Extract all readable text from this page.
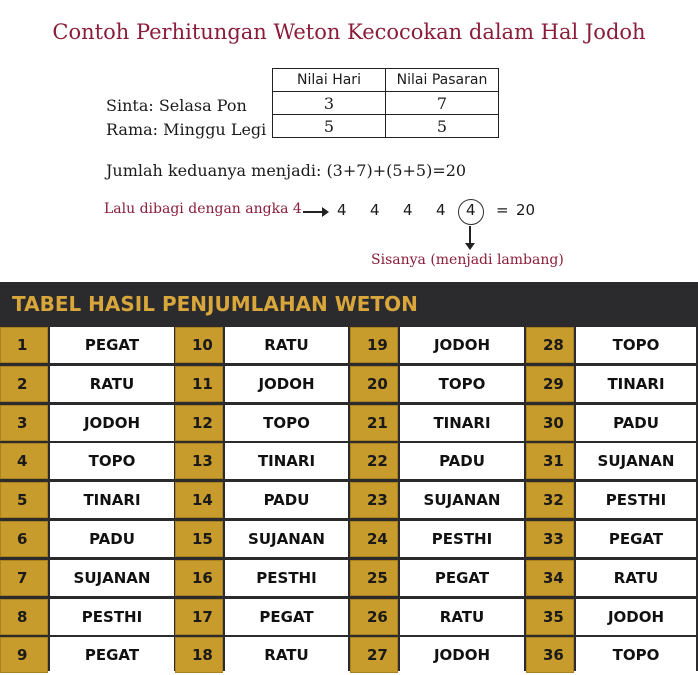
Contoh Perhitungan Weton Kecocokan dalam Hal Jodoh
Sinta: Selasa Pon
Rama: Minggu Legi
Nilai Hari	Nilai Pasaran
3	7
5	5
Jumlah keduanya menjadi: (3+7)+(5+5)=20
Lalu dibagi dengan angka 4 4 4 4 4 4 = 20
Sisanya (menjadi lambang)
TABEL HASIL PENJUMLAHAN WETON
1	PEGAT	10	RATU	19	JODOH	28	TOPO
2	RATU	11	JODOH	20	TOPO	29	TINARI
3	JODOH	12	TOPO	21	TINARI	30	PADU
4	TOPO	13	TINARI	22	PADU	31	SUJANAN
5	TINARI	14	PADU	23	SUJANAN	32	PESTHI
6	PADU	15	SUJANAN	24	PESTHI	33	PEGAT
7	SUJANAN	16	PESTHI	25	PEGAT	34	RATU
8	PESTHI	17	PEGAT	26	RATU	35	JODOH
9	PEGAT	18	RATU	27	JODOH	36	TOPO
